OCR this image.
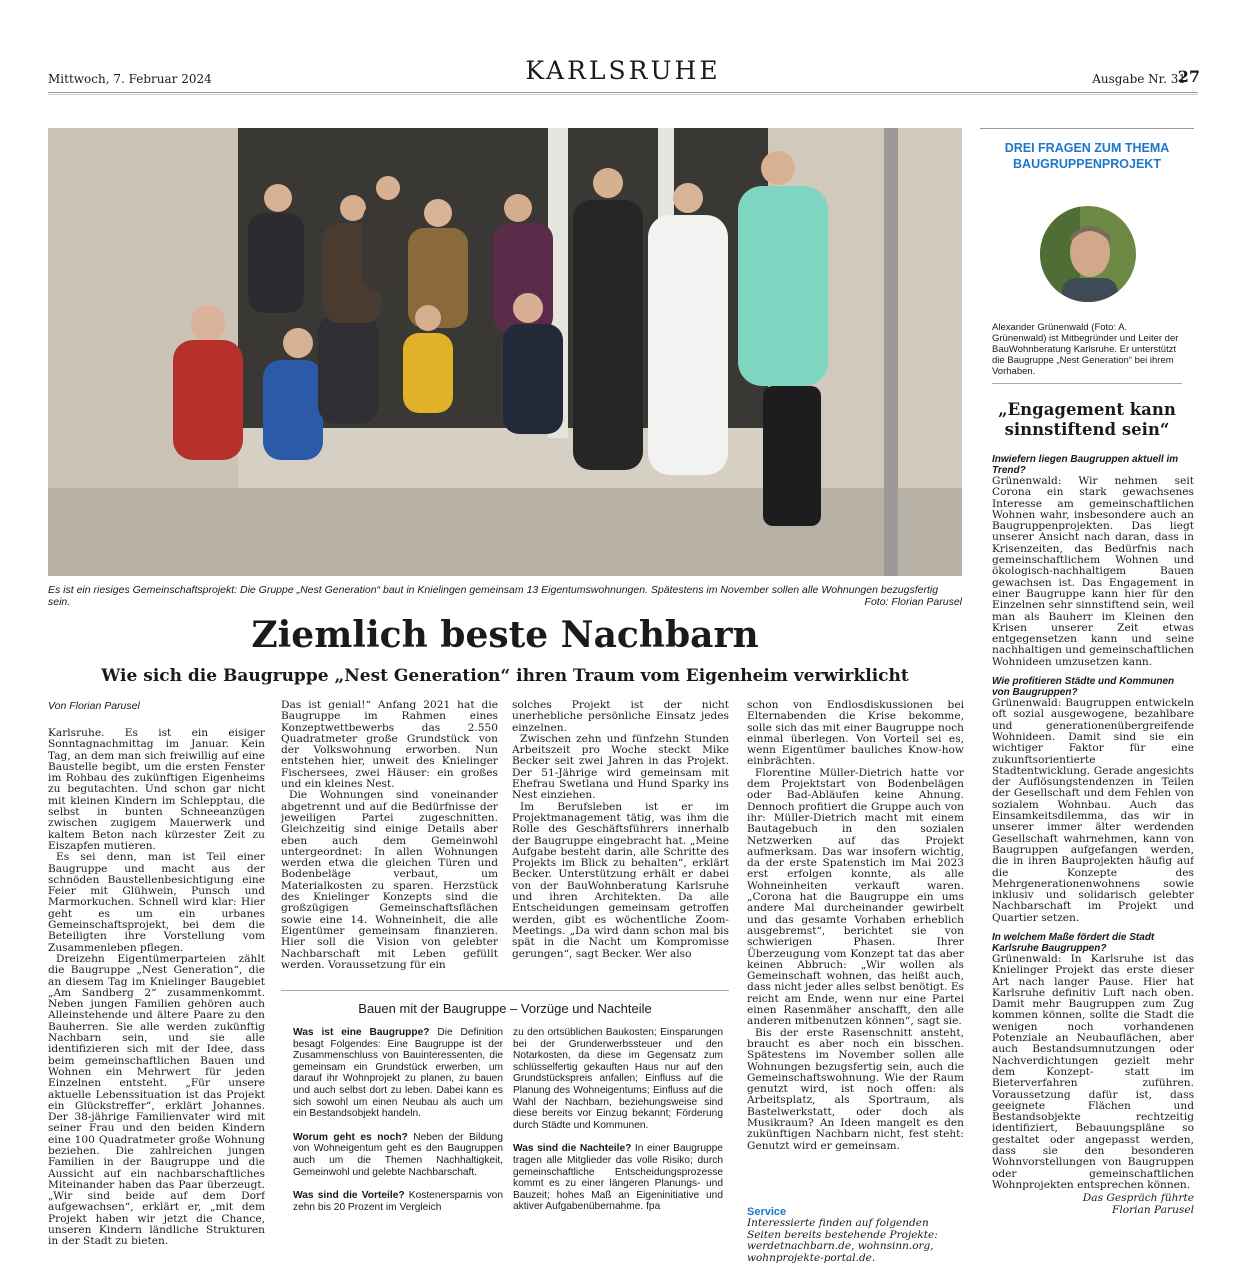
Mittwoch, 7. Februar 2024	KARLSRUHE	Ausgabe Nr. 31
27
Es ist ein riesiges Gemeinschaftsprojekt: Die Gruppe „Nest Generation“ baut in Knielingen gemeinsam 13 Eigentumswohnungen. Spätestens im November sollen alle Wohnungen bezugsfertig sein.	Foto: Florian Parusel
Ziemlich beste Nachbarn
Wie sich die Baugruppe „Nest Generation“ ihren Traum vom Eigenheim verwirklicht
Von Florian Parusel

Karlsruhe. Es ist ein eisiger Sonntagnachmittag im Januar. Kein Tag, an dem man sich freiwillig auf eine Baustelle begibt, um die ersten Fenster im Rohbau des zukünftigen Eigenheims zu begutachten. Und schon gar nicht mit kleinen Kindern im Schlepptau, die selbst in bunten Schneeanzügen zwischen zugigem Mauerwerk und kaltem Beton nach kürzester Zeit zu Eiszapfen mutieren.

Es sei denn, man ist Teil einer Baugruppe und macht aus der schnöden Baustellenbesichtigung eine Feier mit Glühwein, Punsch und Marmorkuchen. Schnell wird klar: Hier geht es um ein urbanes Gemeinschaftsprojekt, bei dem die Beteiligten ihre Vorstellung vom Zusammenleben pflegen.

Dreizehn Eigentümerparteien zählt die Baugruppe „Nest Generation“, die an diesem Tag im Knielinger Baugebiet „Am Sandberg 2“ zusammenkommt. Neben jungen Familien gehören auch Alleinstehende und ältere Paare zu den Bauherren. Sie alle werden zukünftig Nachbarn sein, und sie alle identifizieren sich mit der Idee, dass beim gemeinschaftlichen Bauen und Wohnen ein Mehrwert für jeden Einzelnen entsteht. „Für unsere aktuelle Lebenssituation ist das Projekt ein Glückstreffer“, erklärt Johannes. Der 38-jährige Familienvater wird mit seiner Frau und den beiden Kindern eine 100 Quadratmeter große Wohnung beziehen. Die zahlreichen jungen Familien in der Baugruppe und die Aussicht auf ein nachbarschaftliches Miteinander haben das Paar überzeugt. „Wir sind beide auf dem Dorf aufgewachsen“, erklärt er, „mit dem Projekt haben wir jetzt die Chance, unseren Kindern ländliche Strukturen in der Stadt zu bieten.

Das ist genial!“ Anfang 2021 hat die Baugruppe im Rahmen eines Konzeptwettbewerbs das 2.550 Quadratmeter große Grundstück von der Volkswohnung erworben. Nun entstehen hier, unweit des Knielinger Fischersees, zwei Häuser: ein großes und ein kleines Nest.

Die Wohnungen sind voneinander abgetrennt und auf die Bedürfnisse der jeweiligen Partei zugeschnitten. Gleichzeitig sind einige Details aber eben auch dem Gemeinwohl untergeordnet: In allen Wohnungen werden etwa die gleichen Türen und Bodenbeläge verbaut, um Materialkosten zu sparen. Herzstück des Knielinger Konzepts sind die großzügigen Gemeinschaftsflächen sowie eine 14. Wohneinheit, die alle Eigentümer gemeinsam finanzieren. Hier soll die Vision von gelebter Nachbarschaft mit Leben gefüllt werden. Voraussetzung für ein

solches Projekt ist der nicht unerhebliche persönliche Einsatz jedes einzelnen.

Zwischen zehn und fünfzehn Stunden Arbeitszeit pro Woche steckt Mike Becker seit zwei Jahren in das Projekt. Der 51-Jährige wird gemeinsam mit Ehefrau Swetlana und Hund Sparky ins Nest einziehen.

Im Berufsleben ist er im Projektmanagement tätig, was ihm die Rolle des Geschäftsführers innerhalb der Baugruppe eingebracht hat. „Meine Aufgabe besteht darin, alle Schritte des Projekts im Blick zu behalten“, erklärt Becker. Unterstützung erhält er dabei von der BauWohnberatung Karlsruhe und ihren Architekten. Da alle Entscheidungen gemeinsam getroffen werden, gibt es wöchentliche Zoom-Meetings. „Da wird dann schon mal bis spät in die Nacht um Kompromisse gerungen“, sagt Becker. Wer also

schon von Endlosdiskussionen bei Elternabenden die Krise bekomme, solle sich das mit einer Baugruppe noch einmal überlegen. Von Vorteil sei es, wenn Eigentümer bauliches Know-how einbrächten.

Florentine Müller-Dietrich hatte vor dem Projektstart von Bodenbelägen oder Bad-Abläufen keine Ahnung. Dennoch profitiert die Gruppe auch von ihr: Müller-Dietrich macht mit einem Bautagebuch in den sozialen Netzwerken auf das Projekt aufmerksam. Das war insofern wichtig, da der erste Spatenstich im Mai 2023 erst erfolgen konnte, als alle Wohneinheiten verkauft waren. „Corona hat die Baugruppe ein ums andere Mal durcheinander gewirbelt und das gesamte Vorhaben erheblich ausgebremst“, berichtet sie von schwierigen Phasen. Ihrer Überzeugung vom Konzept tat das aber keinen Abbruch: „Wir wollen als Gemeinschaft wohnen, das heißt auch, dass nicht jeder alles selbst benötigt. Es reicht am Ende, wenn nur eine Partei einen Rasenmäher anschafft, den alle anderen mitbenutzen können“, sagt sie.

Bis der erste Rasenschnitt ansteht, braucht es aber noch ein bisschen. Spätestens im November sollen alle Wohnungen bezugsfertig sein, auch die Gemeinschaftswohnung. Wie der Raum genutzt wird, ist noch offen: als Arbeitsplatz, als Sportraum, als Bastelwerkstatt, oder doch als Musikraum? An Ideen mangelt es den zukünftigen Nachbarn nicht, fest steht: Genutzt wird er gemeinsam.

Bauen mit der Baugruppe – Vorzüge und Nachteile

Was ist eine Baugruppe? Die Definition besagt Folgendes: Eine Baugruppe ist der Zusammenschluss von Bauinteressenten, die gemeinsam ein Grundstück erwerben, um darauf ihr Wohnprojekt zu planen, zu bauen und auch selbst dort zu leben. Dabei kann es sich sowohl um einen Neubau als auch um ein Bestandsobjekt handeln.

Worum geht es noch? Neben der Bildung von Wohneigentum geht es den Baugruppen auch um die Themen Nachhaltigkeit, Gemeinwohl und gelebte Nachbarschaft.

Was sind die Vorteile? Kostenersparnis von zehn bis 20 Prozent im Vergleich

zu den ortsüblichen Baukosten; Einsparungen bei der Grunderwerbssteuer und den Notarkosten, da diese im Gegensatz zum schlüsselfertig gekauften Haus nur auf den Grundstückspreis anfallen; Einfluss auf die Planung des Wohneigentums; Einfluss auf die Wahl der Nachbarn, beziehungsweise sind diese bereits vor Einzug bekannt; Förderung durch Städte und Kommunen.

Was sind die Nachteile? In einer Baugruppe tragen alle Mitglieder das volle Risiko; durch gemeinschaftliche Entscheidungsprozesse kommt es zu einer längeren Planungs- und Bauzeit; hohes Maß an Eigeninitiative und aktiver Aufgabenübernahme. fpa	Service
Interessierte finden auf folgenden Seiten bereits bestehende Projekte: werdetnachbarn.de, wohnsinn.org, wohnprojekte-portal.de.
DREI FRAGEN ZUM THEMA BAUGRUPPENPROJEKT
Alexander Grünenwald (Foto: A. Grünenwald) ist Mitbegründer und Leiter der BauWohnberatung Karlsruhe. Er unterstützt die Baugruppe „Nest Generation“ bei ihrem Vorhaben.
„Engagement kann sinnstiftend sein“
Inwiefern liegen Baugruppen aktuell im Trend?
Grünenwald: Wir nehmen seit Corona ein stark gewachsenes Interesse am gemeinschaftlichen Wohnen wahr, insbesondere auch an Baugruppenprojekten. Das liegt unserer Ansicht nach daran, dass in Krisenzeiten, das Bedürfnis nach gemeinschaftlichem Wohnen und ökologisch-nachhaltigem Bauen gewachsen ist. Das Engagement in einer Baugruppe kann hier für den Einzelnen sehr sinnstiftend sein, weil man als Bauherr im Kleinen den Krisen unserer Zeit etwas entgegensetzen kann und seine nachhaltigen und gemeinschaftlichen Wohnideen umzusetzen kann.
Wie profitieren Städte und Kommunen von Baugruppen?
Grünenwald: Baugruppen entwickeln oft sozial ausgewogene, bezahlbare und generationenübergreifende Wohnideen. Damit sind sie ein wichtiger Faktor für eine zukunftsorientierte Stadtentwicklung. Gerade angesichts der Auflösungstendenzen in Teilen der Gesellschaft und dem Fehlen von sozialem Wohnbau. Auch das Einsamkeitsdilemma, das wir in unserer immer älter werdenden Gesellschaft wahrnehmen, kann von Baugruppen aufgefangen werden, die in ihren Bauprojekten häufig auf die Konzepte des Mehrgenerationenwohnens sowie inklusiv und solidarisch gelebter Nachbarschaft im Projekt und Quartier setzen.
In welchem Maße fördert die Stadt Karlsruhe Baugruppen?
Grünenwald: In Karlsruhe ist das Knielinger Projekt das erste dieser Art nach langer Pause. Hier hat Karlsruhe definitiv Luft nach oben. Damit mehr Baugruppen zum Zug kommen können, sollte die Stadt die wenigen noch vorhandenen Potenziale an Neubauflächen, aber auch Bestandsumnutzungen oder Nachverdichtungen gezielt mehr dem Konzept- statt im Bieterverfahren zuführen. Voraussetzung dafür ist, dass geeignete Flächen und Bestandsobjekte rechtzeitig identifiziert, Bebauungspläne so gestaltet oder angepasst werden, dass sie den besonderen Wohnvorstellungen von Baugruppen oder gemeinschaftlichen Wohnprojekten entsprechen können.
Das Gespräch führte
Florian Parusel
